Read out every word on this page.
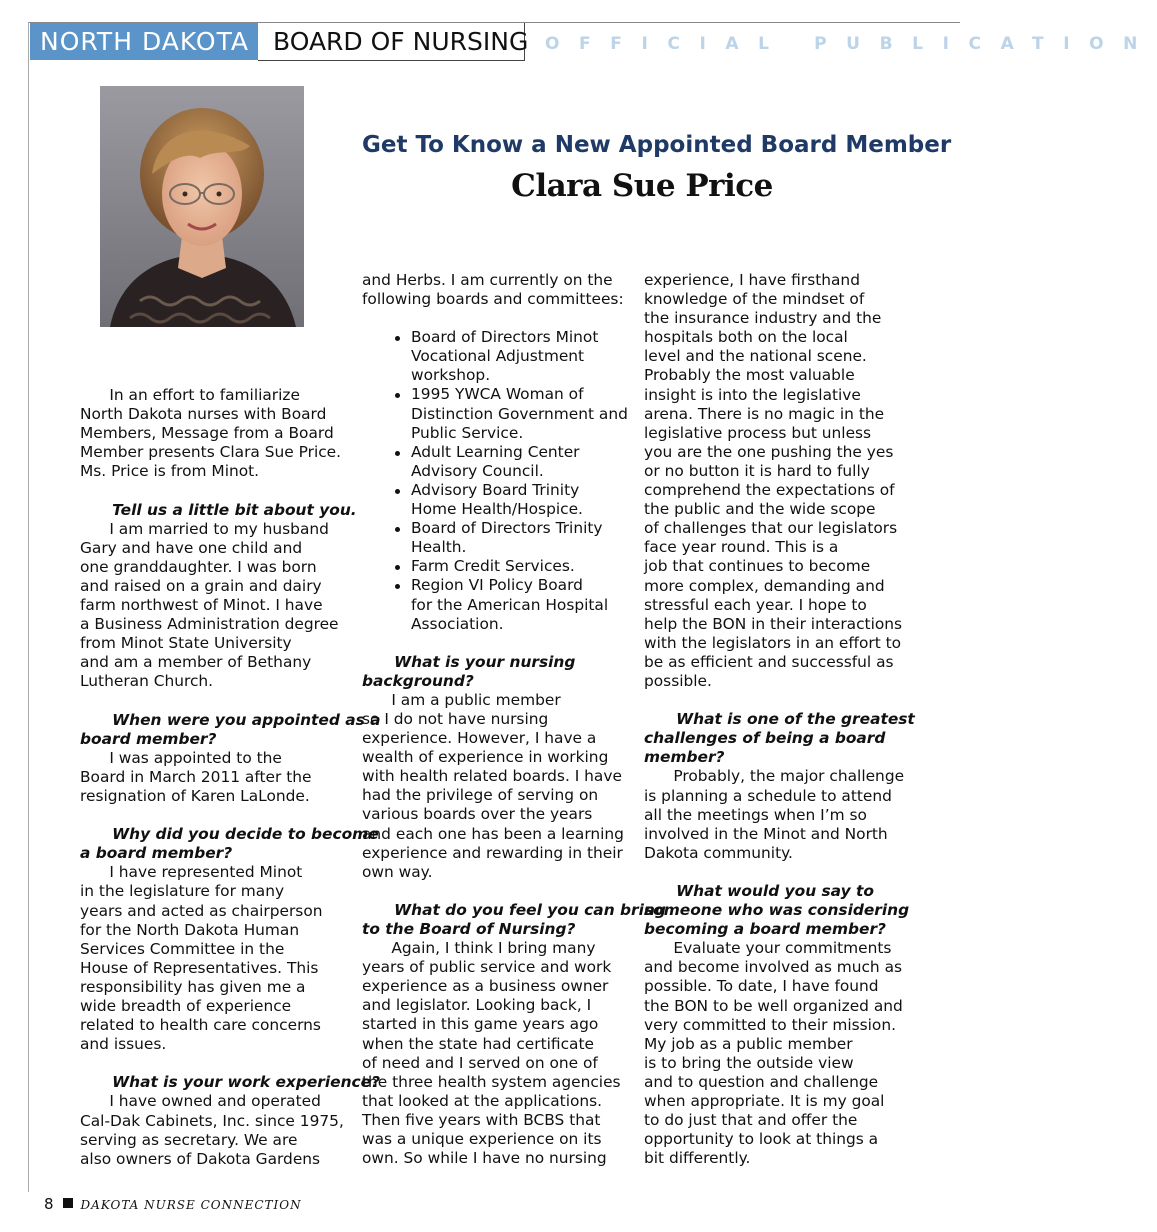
NORTH DAKOTA BOARD OF NURSING OFFICIAL PUBLICATION
Get To Know a New Appointed Board Member
Clara Sue Price
In an effort to familiarize
North Dakota nurses with Board
Members, Message from a Board
Member presents Clara Sue Price.
Ms. Price is from Minot.
Tell us a little bit about you.
I am married to my husband
Gary and have one child and
one granddaughter. I was born
and raised on a grain and dairy
farm northwest of Minot. I have
a Business Administration degree
from Minot State University
and am a member of Bethany
Lutheran Church.
When were you appointed as a
board member?
I was appointed to the
Board in March 2011 after the
resignation of Karen LaLonde.
Why did you decide to become
a board member?
I have represented Minot
in the legislature for many
years and acted as chairperson
for the North Dakota Human
Services Committee in the
House of Representatives. This
responsibility has given me a
wide breadth of experience
related to health care concerns
and issues.
What is your work experience?
I have owned and operated
Cal-Dak Cabinets, Inc. since 1975,
serving as secretary. We are
also owners of Dakota Gardens
and Herbs. I am currently on the
following boards and committees:
Board of Directors Minot
Vocational Adjustment
workshop.
1995 YWCA Woman of
Distinction Government and
Public Service.
Adult Learning Center
Advisory Council.
Advisory Board Trinity
Home Health/Hospice.
Board of Directors Trinity
Health.
Farm Credit Services.
Region VI Policy Board
for the American Hospital
Association.
What is your nursing
background?
I am a public member
so I do not have nursing
experience. However, I have a
wealth of experience in working
with health related boards. I have
had the privilege of serving on
various boards over the years
and each one has been a learning
experience and rewarding in their
own way.
What do you feel you can bring
to the Board of Nursing?
Again, I think I bring many
years of public service and work
experience as a business owner
and legislator. Looking back, I
started in this game years ago
when the state had certificate
of need and I served on one of
the three health system agencies
that looked at the applications.
Then five years with BCBS that
was a unique experience on its
own. So while I have no nursing
experience, I have firsthand
knowledge of the mindset of
the insurance industry and the
hospitals both on the local
level and the national scene.
Probably the most valuable
insight is into the legislative
arena. There is no magic in the
legislative process but unless
you are the one pushing the yes
or no button it is hard to fully
comprehend the expectations of
the public and the wide scope
of challenges that our legislators
face year round. This is a
job that continues to become
more complex, demanding and
stressful each year. I hope to
help the BON in their interactions
with the legislators in an effort to
be as efficient and successful as
possible.
What is one of the greatest
challenges of being a board
member?
Probably, the major challenge
is planning a schedule to attend
all the meetings when I’m so
involved in the Minot and North
Dakota community.
What would you say to
someone who was considering
becoming a board member?
Evaluate your commitments
and become involved as much as
possible. To date, I have found
the BON to be well organized and
very committed to their mission.
My job as a public member
is to bring the outside view
and to question and challenge
when appropriate. It is my goal
to do just that and offer the
opportunity to look at things a
bit differently.
8 DAKOTA NURSE CONNECTION
